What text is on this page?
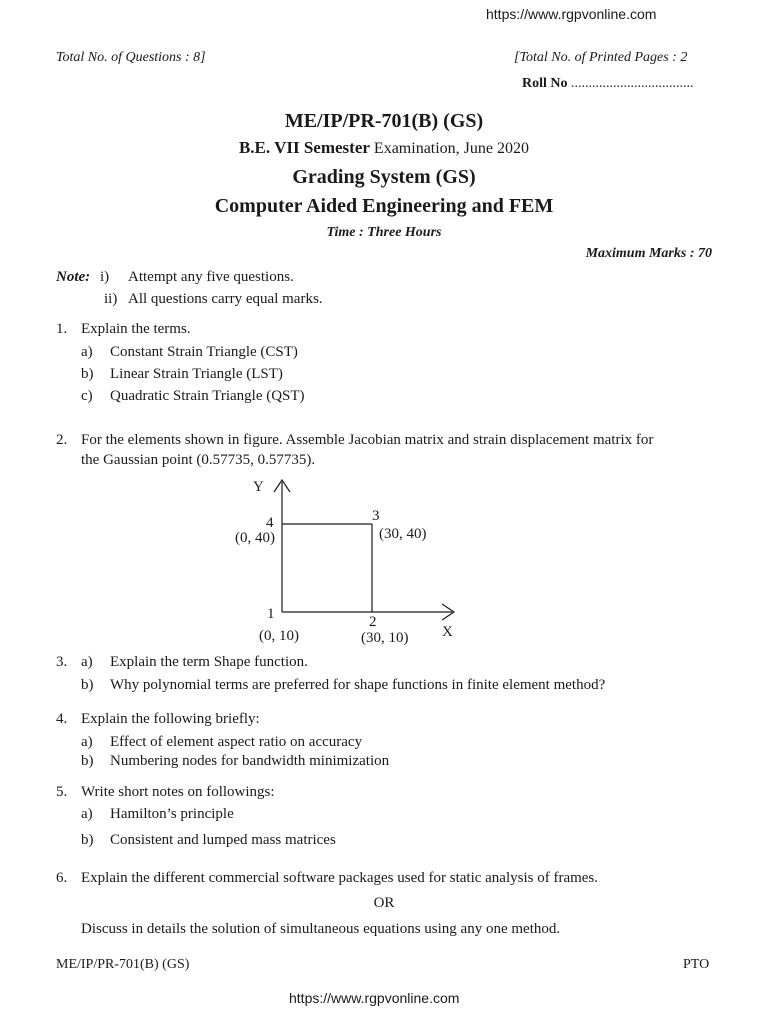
https://www.rgpvonline.com
Total No. of Questions : 8]	[Total No. of Printed Pages : 2
Roll No ...................................
ME/IP/PR-701(B) (GS)
B.E. VII Semester Examination, June 2020
Grading System (GS)
Computer Aided Engineering and FEM
Time : Three Hours
Maximum Marks : 70
Note: i) Attempt any five questions.
ii) All questions carry equal marks.
1. Explain the terms.
a) Constant Strain Triangle (CST)
b) Linear Strain Triangle (LST)
c) Quadratic Strain Triangle (QST)
2. For the elements shown in figure. Assemble Jacobian matrix and strain displacement matrix for
the Gaussian point (0.57735, 0.57735).
Y
X
4
(0, 40)
3
(30, 40)
1
(0, 10)
2
(30, 10)
3. a) Explain the term Shape function.
b) Why polynomial terms are preferred for shape functions in finite element method?
4. Explain the following briefly:
a) Effect of element aspect ratio on accuracy
b) Numbering nodes for bandwidth minimization
5. Write short notes on followings:
a) Hamilton’s principle
b) Consistent and lumped mass matrices
6. Explain the different commercial software packages used for static analysis of frames.
OR
Discuss in details the solution of simultaneous equations using any one method.
ME/IP/PR-701(B) (GS)	PTO
https://www.rgpvonline.com
